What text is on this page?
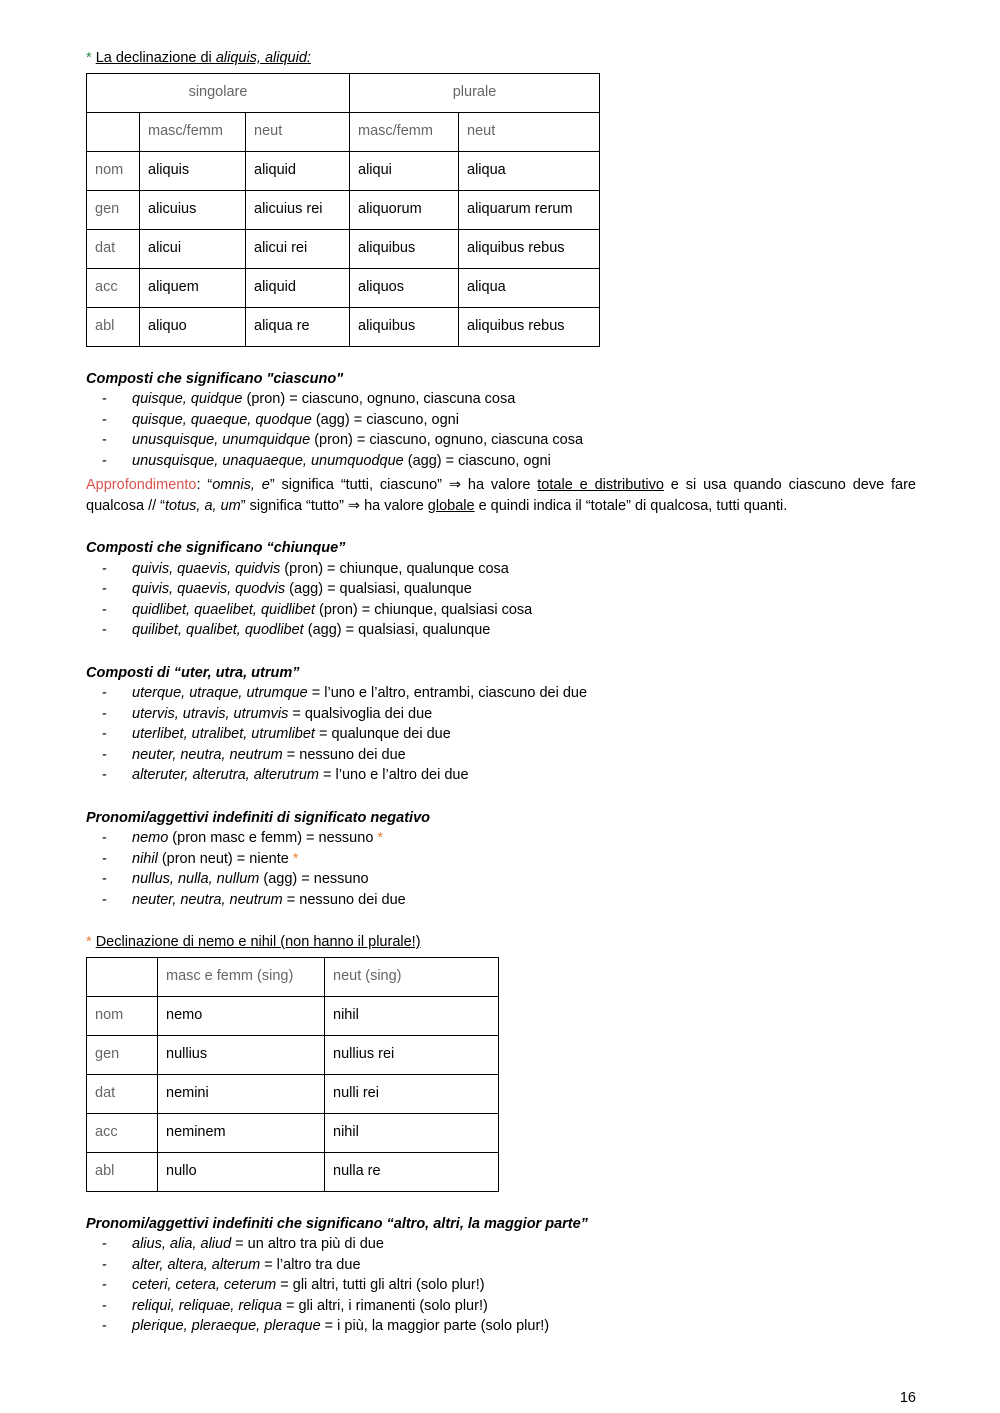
* La declinazione di aliquis, aliquid:

singolare			plurale	
	masc/femm	neut	masc/femm	neut
nom	aliquis	aliquid	aliqui	aliqua
gen	alicuius	alicuius rei	aliquorum	aliquarum rerum
dat	alicui	alicui rei	aliquibus	aliquibus rebus
acc	aliquem	aliquid	aliquos	aliqua
abl	aliquo	aliqua re	aliquibus	aliquibus rebus

Composti che significano "ciascuno"

- quisque, quidque (pron) = ciascuno, ognuno, ciascuna cosa
- quisque, quaeque, quodque (agg) = ciascuno, ogni
- unusquisque, unumquidque (pron) = ciascuno, ognuno, ciascuna cosa
- unusquisque, unaquaeque, unumquodque (agg) = ciascuno, ogni

Approfondimento: “omnis, e” significa “tutti, ciascuno” ⇒ ha valore totale e distributivo e si usa quando ciascuno deve fare qualcosa // “totus, a, um” significa “tutto” ⇒ ha valore globale e quindi indica il “totale” di qualcosa, tutti quanti.

Composti che significano “chiunque”

- quivis, quaevis, quidvis (pron) = chiunque, qualunque cosa
- quivis, quaevis, quodvis (agg) = qualsiasi, qualunque
- quidlibet, quaelibet, quidlibet (pron) = chiunque, qualsiasi cosa
- quilibet, qualibet, quodlibet (agg) = qualsiasi, qualunque

Composti di “uter, utra, utrum”

- uterque, utraque, utrumque = l’uno e l’altro, entrambi, ciascuno dei due
- utervis, utravis, utrumvis = qualsivoglia dei due
- uterlibet, utralibet, utrumlibet = qualunque dei due
- neuter, neutra, neutrum = nessuno dei due
- alteruter, alterutra, alterutrum = l’uno e l’altro dei due

Pronomi/aggettivi indefiniti di significato negativo

- nemo (pron masc e femm) = nessuno *
- nihil (pron neut) = niente *
- nullus, nulla, nullum (agg) = nessuno
- neuter, neutra, neutrum = nessuno dei due

* Declinazione di nemo e nihil (non hanno il plurale!)

	masc e femm (sing)	neut (sing)
nom	nemo	nihil
gen	nullius	nullius rei
dat	nemini	nulli rei
acc	neminem	nihil
abl	nullo	nulla re

Pronomi/aggettivi indefiniti che significano “altro, altri, la maggior parte”

- alius, alia, aliud = un altro tra più di due
- alter, altera, alterum = l’altro tra due
- ceteri, cetera, ceterum = gli altri, tutti gli altri (solo plur!)
- reliqui, reliquae, reliqua = gli altri, i rimanenti (solo plur!)
- plerique, pleraeque, pleraque = i più, la maggior parte (solo plur!)
16
